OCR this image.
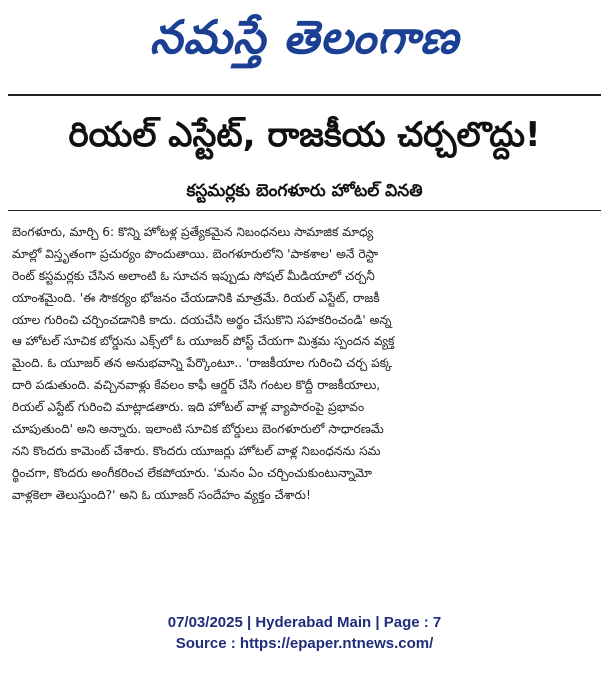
నమస్తే తెలంగాణ
రియల్ ఎస్టేట్, రాజకీయ చర్చలొద్దు!
కస్టమర్లకు బెంగళూరు హోటల్ వినతి
బెంగళూరు, మార్చి 6: కొన్ని హోటళ్ల ప్రత్యేకమైన నిబంధనలు సామాజిక మాధ్య
మాల్లో విస్తృతంగా ప్రచుర్యం పొందుతాయి. బెంగళూరులోని 'పాకశాల' అనే రెస్టా
రెంట్ కస్టమర్లకు చేసిన అలాంటి ఓ సూచన ఇప్పుడు సోషల్ మీడియాలో చర్చనీ
యాంశమైంది. 'ఈ సౌకర్యం భోజనం చేయడానికి మాత్రమే. రియల్ ఎస్టేట్, రాజకీ
యాల గురించి చర్చించడానికి కాదు. దయచేసి అర్థం చేసుకొని సహకరించండి' అన్న
ఆ హోటల్ సూచిక బోర్డును ఎక్స్‌లో ఓ యూజర్ పోస్ట్ చేయగా మిశ్రమ స్పందన వ్యక్త
మైంది. ఓ యూజర్ తన అనుభవాన్ని పేర్కొంటూ.. 'రాజకీయాల గురించి చర్చ పక్క
దారి పడుతుంది. వచ్చినవాళ్లు కేవలం కాఫీ ఆర్డర్ చేసి గంటల కొద్దీ రాజకీయాలు,
రియల్ ఎస్టేట్ గురించి మాట్లాడతారు. ఇది హోటల్ వాళ్ల వ్యాపారంపై ప్రభావం
చూపుతుంది' అని అన్నారు. ఇలాంటి సూచిక బోర్డులు బెంగళూరులో సాధారణమే
నని కొందరు కామెంట్ చేశారు. కొందరు యూజర్లు హోటల్ వాళ్ల నిబంధనను సమ
ర్థించగా, కొందరు అంగీకరించ లేకపోయారు. 'మనం ఏం చర్చించుకుంటున్నామో
వాళ్లకెలా తెలుస్తుంది?' అని ఓ యూజర్ సందేహం వ్యక్తం చేశారు!
07/03/2025 | Hyderabad Main | Page : 7
Source : https://epaper.ntnews.com/
